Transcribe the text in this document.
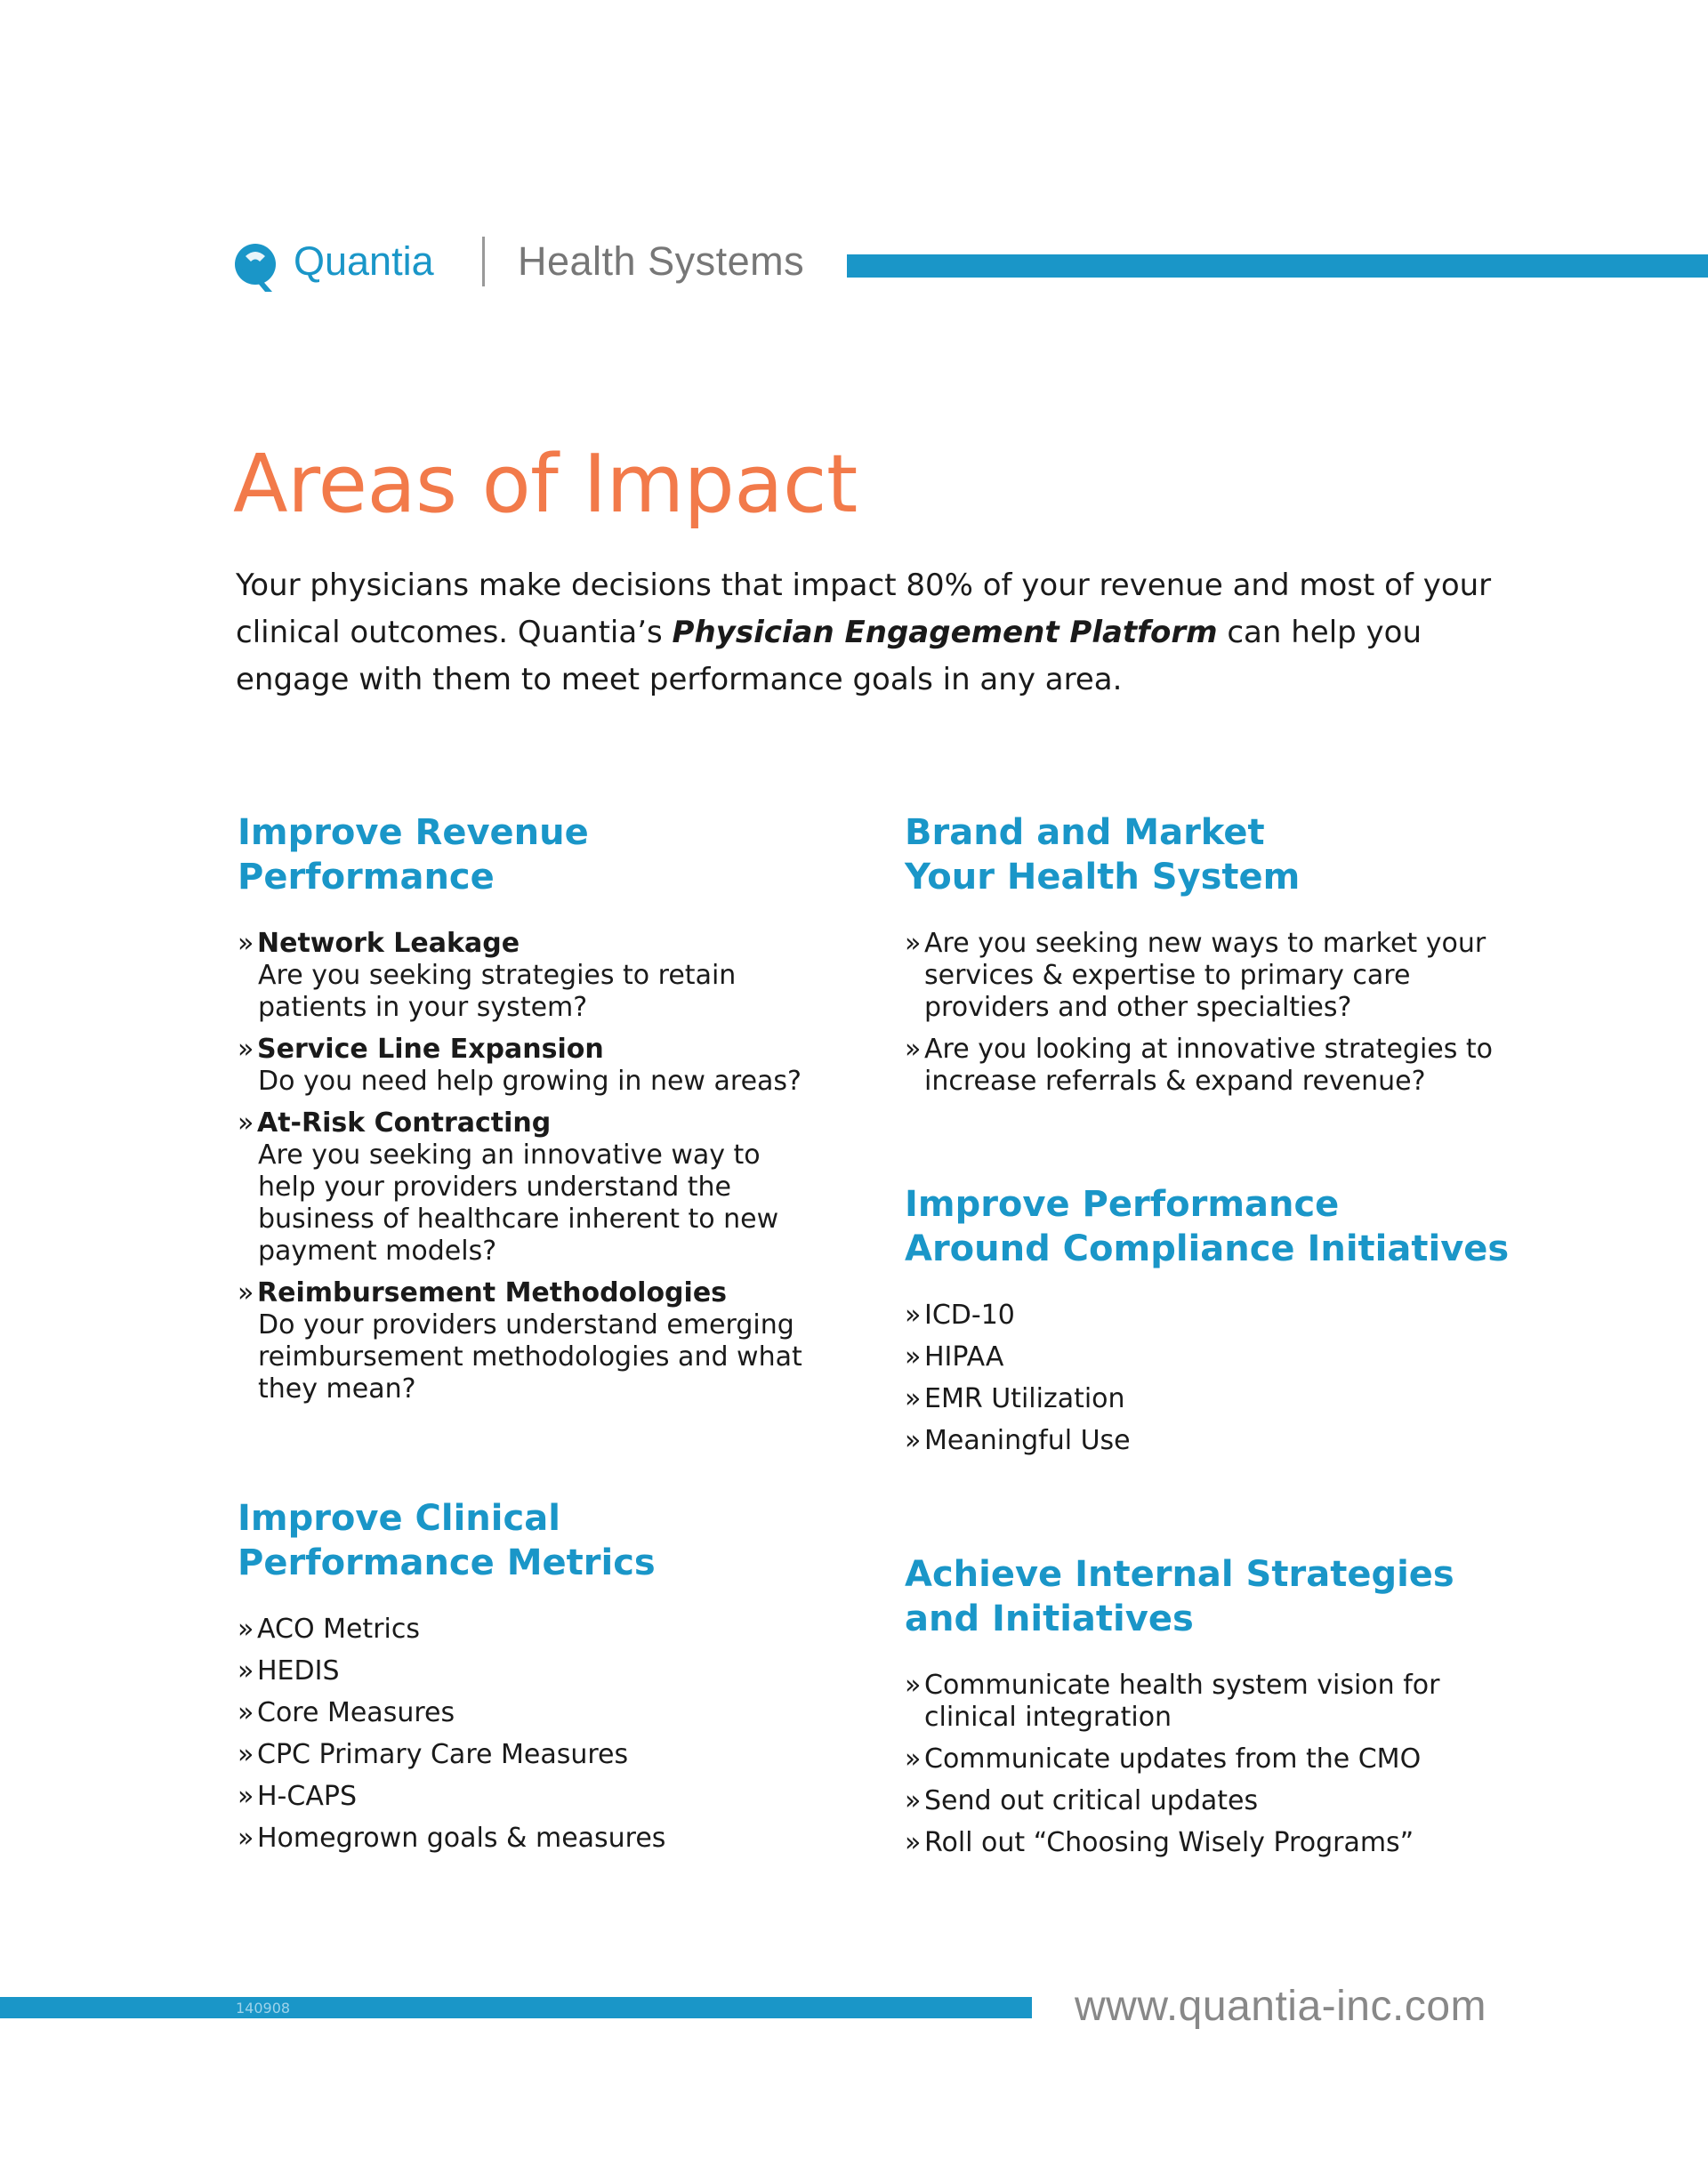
Quantia Health Systems
Areas of Impact

Your physicians make decisions that impact 80% of your revenue and most of your clinical outcomes. Quantia’s Physician Engagement Platform can help you engage with them to meet performance goals in any area.

Improve Revenue
Performance
» Network Leakage
Are you seeking strategies to retain patients in your system?
» Service Line Expansion
Do you need help growing in new areas?
» At-Risk Contracting
Are you seeking an innovative way to help your providers understand the business of healthcare inherent to new payment models?
» Reimbursement Methodologies
Do your providers understand emerging reimbursement methodologies and what they mean?
Improve Clinical
Performance Metrics
» ACO Metrics
» HEDIS
» Core Measures
» CPC Primary Care Measures
» H-CAPS
» Homegrown goals & measures
Brand and Market
Your Health System
» Are you seeking new ways to market your services & expertise to primary care providers and other specialties?
» Are you looking at innovative strategies to increase referrals & expand revenue?
Improve Performance
Around Compliance Initiatives
» ICD-10
» HIPAA
» EMR Utilization
» Meaningful Use
Achieve Internal Strategies
and Initiatives
» Communicate health system vision for clinical integration
» Communicate updates from the CMO
» Send out critical updates
» Roll out “Choosing Wisely Programs”
140908	www.quantia-inc.com
